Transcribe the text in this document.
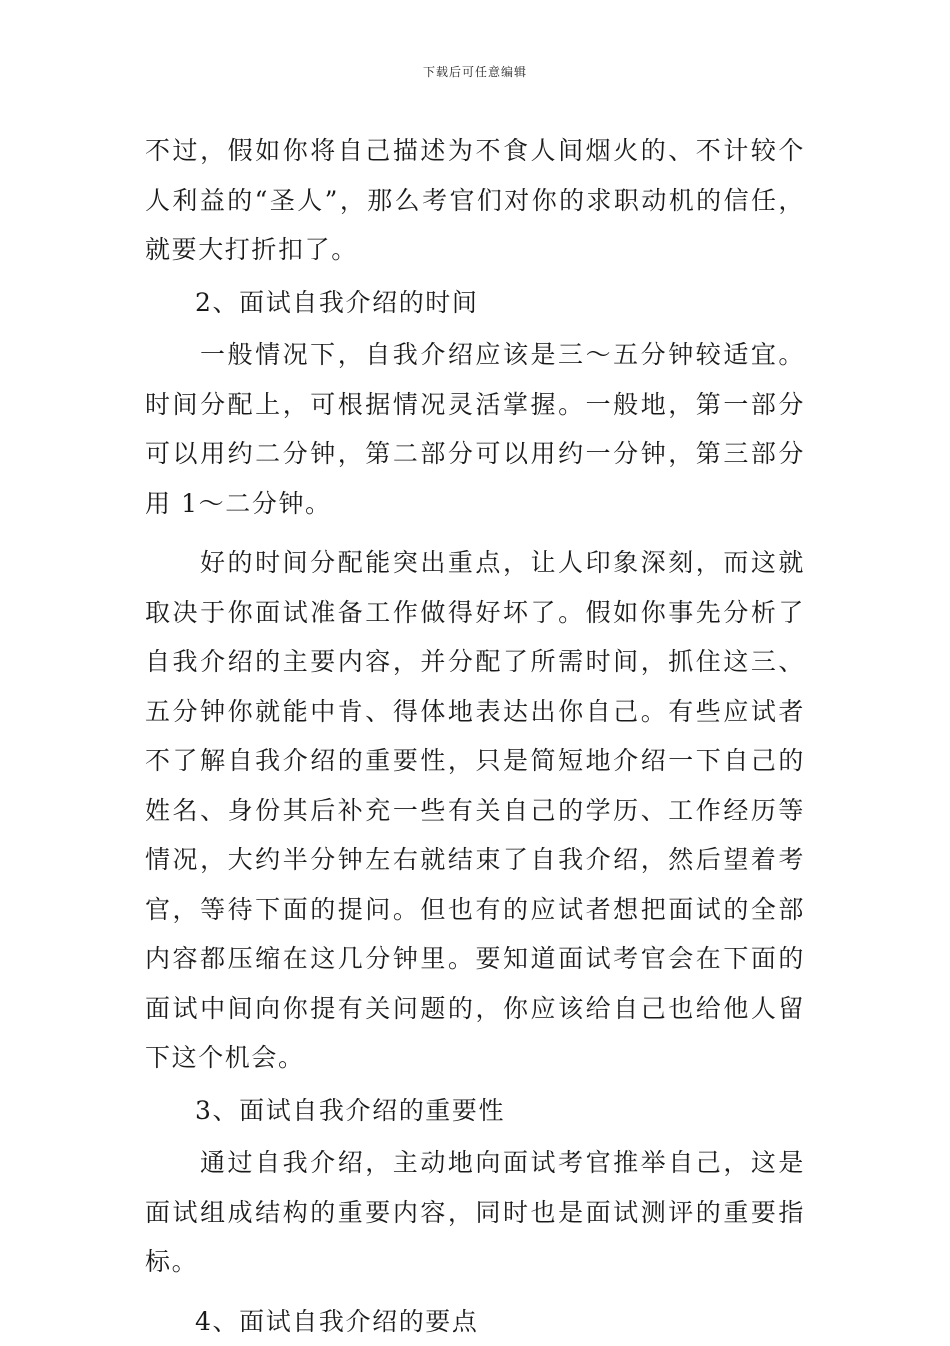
下载后可任意编辑

不过，假如你将自己描述为不食人间烟火的、不计较个人利益的“圣人”，那么考官们对你的求职动机的信任，就要大打折扣了。

2、面试自我介绍的时间

一般情况下，自我介绍应该是三～五分钟较适宜。时间分配上，可根据情况灵活掌握。一般地，第一部分可以用约二分钟，第二部分可以用约一分钟，第三部分用 1～二分钟。

好的时间分配能突出重点，让人印象深刻，而这就取决于你面试准备工作做得好坏了。假如你事先分析了自我介绍的主要内容，并分配了所需时间，抓住这三、五分钟你就能中肯、得体地表达出你自己。有些应试者不了解自我介绍的重要性，只是简短地介绍一下自己的姓名、身份其后补充一些有关自己的学历、工作经历等情况，大约半分钟左右就结束了自我介绍，然后望着考官，等待下面的提问。但也有的应试者想把面试的全部内容都压缩在这几分钟里。要知道面试考官会在下面的面试中间向你提有关问题的，你应该给自己也给他人留下这个机会。

3、面试自我介绍的重要性

通过自我介绍，主动地向面试考官推举自己，这是面试组成结构的重要内容，同时也是面试测评的重要指标。

4、面试自我介绍的要点
